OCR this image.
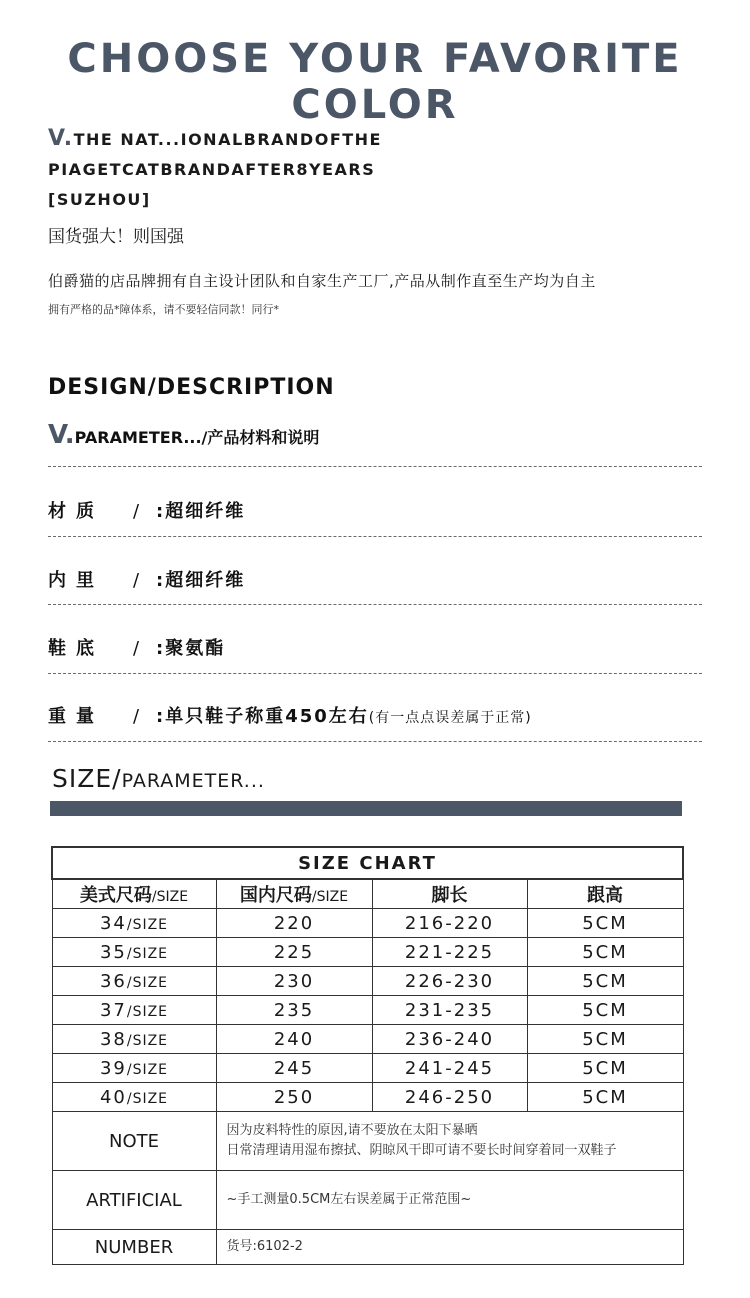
CHOOSE YOUR FAVORITE COLOR
V.THE NAT...IONALBRANDOFTHE
PIAGETCATBRANDAFTER8YEARS
[SUZHOU]
国货强大！则国强
伯爵猫的店品牌拥有自主设计团队和自家生产工厂,产品从制作直至生产均为自主
拥有严格的品*障体系，请不要轻信同款！同行*
DESIGN/DESCRIPTION
V.PARAMETER.../产品材料和说明
材质 / :超细纤维
内里 / :超细纤维
鞋底 / :聚氨酯
重量 / :单只鞋子称重450左右(有一点点误差属于正常)
SIZE/PARAMETER...
SIZE CHART			
美式尺码/SIZE	国内尺码/SIZE	脚长	跟高
34/SIZE	220	216-220	5CM
35/SIZE	225	221-225	5CM
36/SIZE	230	226-230	5CM
37/SIZE	235	231-235	5CM
38/SIZE	240	236-240	5CM
39/SIZE	245	241-245	5CM
40/SIZE	250	246-250	5CM
NOTE	因为皮料特性的原因,请不要放在太阳下暴晒
日常清理请用湿布擦拭、阴晾风干即可请不要长时间穿着同一双鞋子		

ARTIFICIAL	~手工测量0.5CM左右误差属于正常范围~		
NUMBER	货号:6102-2		
